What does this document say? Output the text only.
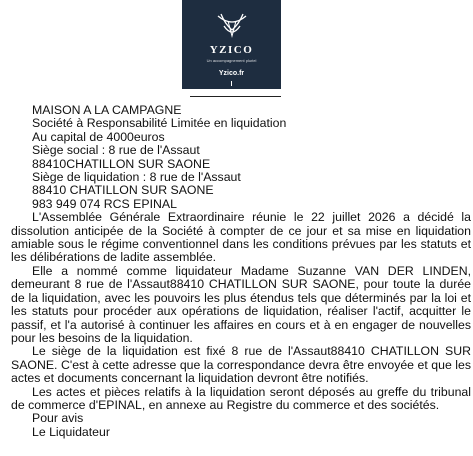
YZICO
Un accompagnement pluriel
Yzico.fr
MAISON A LA CAMPAGNE
Société à Responsabilité Limitée en liquidation
Au capital de 4000euros
Siège social : 8 rue de l'Assaut
88410CHATILLON SUR SAONE
Siège de liquidation : 8 rue de l'Assaut
88410 CHATILLON SUR SAONE
983 949 074 RCS EPINAL

L'Assemblée Générale Extraordinaire réunie le 22 juillet 2026 a décidé la dissolution anticipée de la Société à compter de ce jour et sa mise en liquidation amiable sous le régime conventionnel dans les conditions prévues par les statuts et les délibérations de ladite assemblée.

Elle a nommé comme liquidateur Madame Suzanne VAN DER LINDEN, demeurant 8 rue de l'Assaut88410 CHATILLON SUR SAONE, pour toute la durée de la liquidation, avec les pouvoirs les plus étendus tels que déterminés par la loi et les statuts pour procéder aux opérations de liquidation, réaliser l'actif, acquitter le passif, et l'a autorisé à continuer les affaires en cours et à en engager de nouvelles pour les besoins de la liquidation.

Le siège de la liquidation est fixé 8 rue de l'Assaut88410 CHATILLON SUR SAONE. C'est à cette adresse que la correspondance devra être envoyée et que les actes et documents concernant la liquidation devront être notifiés.

Les actes et pièces relatifs à la liquidation seront déposés au greffe du tribunal de commerce d'EPINAL, en annexe au Registre du commerce et des sociétés.

Pour avis
Le Liquidateur
